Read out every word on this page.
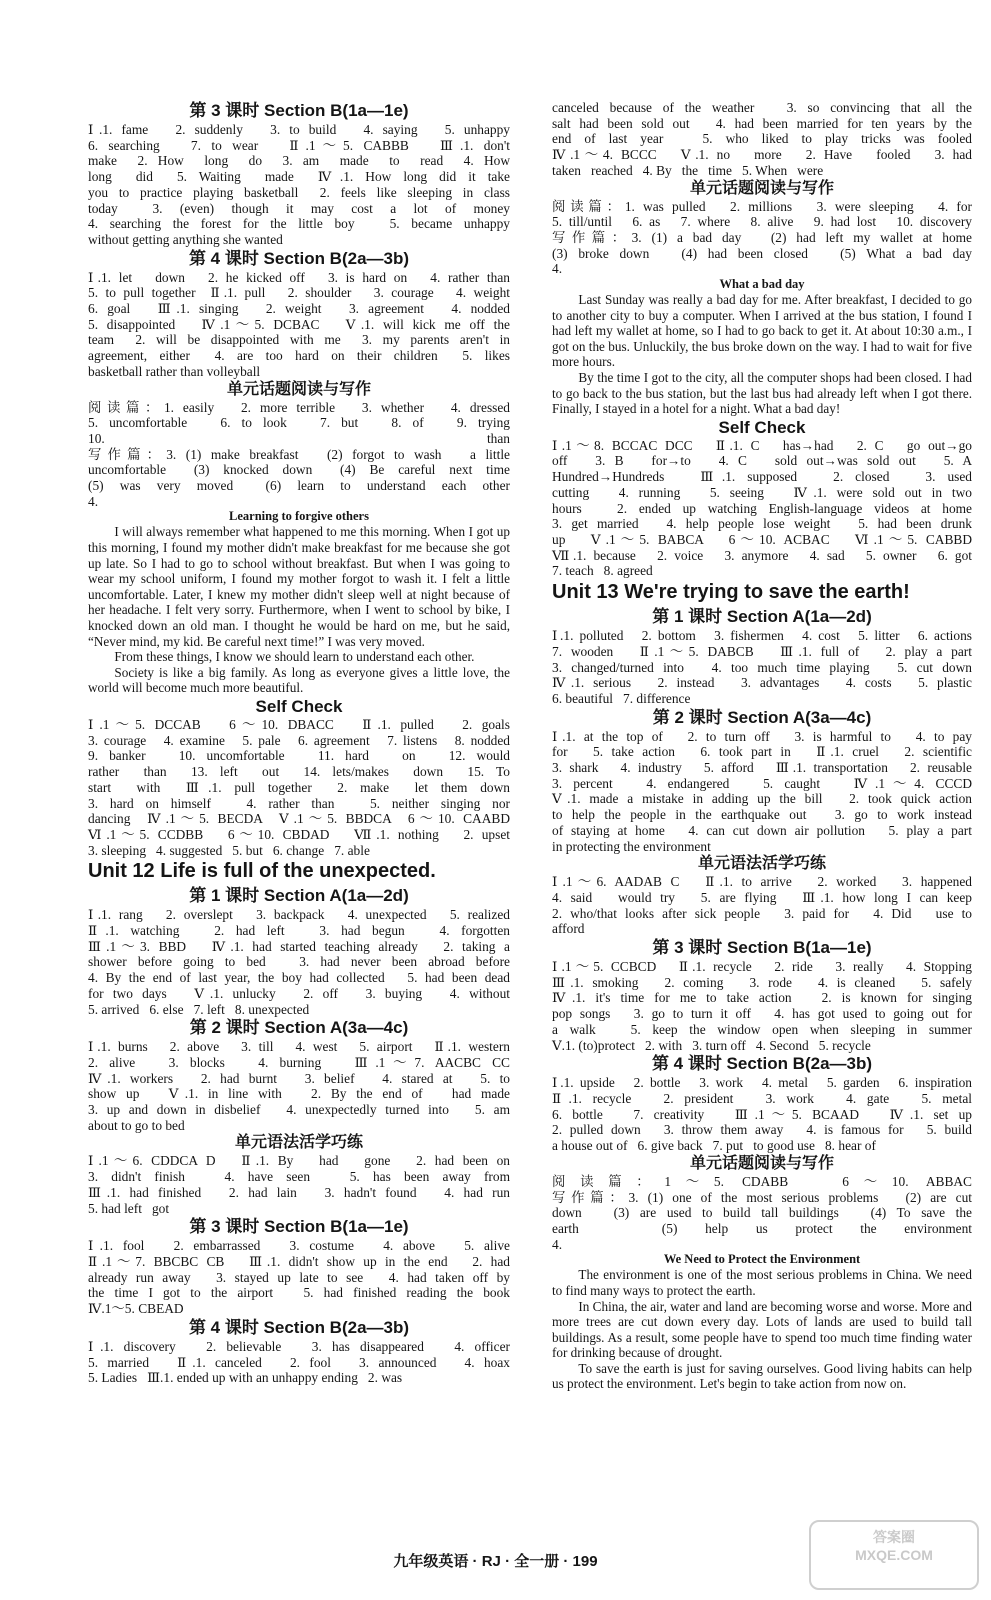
第 3 课时 Section B(1a—1e)
Ⅰ.1. fame   2. suddenly   3. to build   4. saying   5. unhappy
6. searching   7. to wear   Ⅱ.1～5. CABBB   Ⅲ.1. don't
make  2. How  long  do  3. am  made  to  read  4. How
long  did  5. Waiting  made  Ⅳ.1. How long did it take
you to practice playing basketball  2. feels like sleeping in class
today  3. (even) though it may cost a lot of money
4. searching the forest for the little boy   5. became unhappy
without getting anything she wanted
第 4 课时 Section B(2a—3b)
Ⅰ.1. let   down   2. he kicked off   3. is hard on   4. rather than
5. to pull together  Ⅱ.1. pull   2. shoulder   3. courage   4. weight
6. goal   Ⅲ.1. singing   2. weight   3. agreement   4. nodded
5. disappointed   Ⅳ.1～5. DCBAC   Ⅴ.1. will kick me off the
team  2. will be disappointed with me  3. my parents aren't in
agreement, either  4. are too hard on their children  5. likes
basketball rather than volleyball
单元话题阅读与写作
阅读篇：1. easily   2. more terrible   3. whether   4. dressed
5. uncomfortable   6. to look   7. but   8. of   9. trying
10. than
写作篇：3. (1) make breakfast   (2) forgot to wash   a little
uncomfortable  (3) knocked down  (4) Be careful next time
(5) was very moved  (6) learn to understand each other
4.
Learning to forgive others
I will always remember what happened to me this morning. When I got up this morning, I found my mother didn't make breakfast for me because she got up late. So I had to go to school without breakfast. But when I was going to wear my school uniform, I found my mother forgot to wash it. I felt a little uncomfortable. Later, I knew my mother didn't sleep well at night because of her headache. I felt very sorry. Furthermore, when I went to school by bike, I knocked down an old man. I thought he would be hard on me, but he said, “Never mind, my kid. Be careful next time!” I was very moved.
From these things, I know we should learn to understand each other.
Society is like a big family. As long as everyone gives a little love, the world will become much more beautiful.
Self Check
Ⅰ.1～5. DCCAB   6～10. DBACC   Ⅱ.1. pulled   2. goals
3. courage   4. examine   5. pale   6. agreement   7. listens   8. nodded
9. banker   10. uncomfortable   11. hard   on   12. would
rather  than  13. left  out  14. lets/makes  down  15. To
start  with  Ⅲ.1. pull together  2. make  let them down
3. hard on himself   4. rather than   5. neither singing nor
dancing  Ⅳ.1～5. BECDA  Ⅴ.1～5. BBDCA  6～10. CAABD
Ⅵ.1～5. CCDBB   6～10. CBDAD   Ⅶ.1. nothing   2. upset
3. sleeping   4. suggested   5. but   6. change   7. able
Unit 12 Life is full of the unexpected.
第 1 课时 Section A(1a—2d)
Ⅰ.1. rang   2. overslept   3. backpack   4. unexpected   5. realized
Ⅱ.1. watching   2. had left   3. had begun   4. forgotten
Ⅲ.1～3. BBD   Ⅳ.1. had started teaching already   2. taking a
shower before going to bed   3. had never been abroad before
4. By the end of last year, the boy had collected   5. had been dead
for two days   Ⅴ.1. unlucky   2. off   3. buying   4. without
5. arrived   6. else   7. left   8. unexpected
第 2 课时 Section A(3a—4c)
Ⅰ.1. burns   2. above   3. till   4. west   5. airport   Ⅱ.1. western
2. alive   3. blocks   4. burning   Ⅲ.1～7. AACBC CC
Ⅳ.1. workers   2. had burnt   3. belief   4. stared at   5. to
show up   Ⅴ.1. in line with   2. By the end of   had made
3. up and down in disbelief   4. unexpectedly turned into   5. am
about to go to bed
单元语法活学巧练
Ⅰ.1～6. CDDCA D   Ⅱ.1. By   had   gone   2. had been on
3. didn't finish   4. have seen   5. has been away from
Ⅲ.1. had finished   2. had lain   3. hadn't found   4. had run
5. had left   got
第 3 课时 Section B(1a—1e)
Ⅰ.1. fool   2. embarrassed   3. costume   4. above   5. alive
Ⅱ.1～7. BBCBC CB   Ⅲ.1. didn't show up in the end   2. had
already run away   3. stayed up late to see   4. had taken off by
the time I got to the airport   5. had finished reading the book
Ⅳ.1～5. CBEAD
第 4 课时 Section B(2a—3b)
Ⅰ.1. discovery   2. believable   3. has disappeared   4. officer
5. married   Ⅱ.1. canceled   2. fool   3. announced   4. hoax
5. Ladies   Ⅲ.1. ended up with an unhappy ending   2. was
canceled because of the weather   3. so convincing that all the
salt had been sold out   4. had been married for ten years by the
end of last year   5. who liked to play tricks was fooled
Ⅳ.1～4. BCCC   Ⅴ.1. no   more   2. Have   fooled   3. had
taken   reached   4. By   the   time   5. When   were
单元话题阅读与写作
阅读篇：1. was pulled   2. millions   3. were sleeping   4. for
5. till/until   6. as   7. where   8. alive   9. had lost   10. discovery
写作篇：3. (1) a bad day   (2) had left my wallet at home
(3) broke down   (4) had been closed   (5) What a bad day
4.
What a bad day
Last Sunday was really a bad day for me. After breakfast, I decided to go to another city to buy a computer. When I arrived at the bus station, I found I had left my wallet at home, so I had to go back to get it. At about 10:30 a.m., I got on the bus. Unluckily, the bus broke down on the way. I had to wait for five more hours.
By the time I got to the city, all the computer shops had been closed. I had to go back to the bus station, but the last bus had already left when I got there. Finally, I stayed in a hotel for a night. What a bad day!
Self Check
Ⅰ.1～8. BCCAC DCC   Ⅱ.1. C   has→had   2. C   go out→go
off   3. B   for→to   4. C   sold out→was sold out   5. A
Hundred→Hundreds   Ⅲ.1. supposed   2. closed   3. used
cutting   4. running   5. seeing   Ⅳ.1. were sold out in two
hours   2. ended up watching English-language videos at home
3. get married   4. help people lose weight   5. had been drunk
up   Ⅴ.1～5. BABCA   6～10. ACBAC   Ⅵ.1～5. CABBD
Ⅶ.1. because   2. voice   3. anymore   4. sad   5. owner   6. got
7. teach   8. agreed
Unit 13 We're trying to save the earth!
第 1 课时 Section A(1a—2d)
Ⅰ.1. polluted   2. bottom   3. fishermen   4. cost   5. litter   6. actions
7. wooden   Ⅱ.1～5. DABCB   Ⅲ.1. full of   2. play a part
3. changed/turned into   4. too much time playing   5. cut down
Ⅳ.1. serious   2. instead   3. advantages   4. costs   5. plastic
6. beautiful   7. difference
第 2 课时 Section A(3a—4c)
Ⅰ.1. at the top of   2. to turn off   3. is harmful to   4. to pay
for   5. take action   6. took part in   Ⅱ.1. cruel   2. scientific
3. shark   4. industry   5. afford   Ⅲ.1. transportation   2. reusable
3. percent   4. endangered   5. caught   Ⅳ.1～4. CCCD
Ⅴ.1. made a mistake in adding up the bill   2. took quick action
to help the people in the earthquake out   3. go to work instead
of staying at home   4. can cut down air pollution   5. play a part
in protecting the environment
单元语法活学巧练
Ⅰ.1～6. AADAB C   Ⅱ.1. to arrive   2. worked   3. happened
4. said   would try   5. are flying   Ⅲ.1. how long I can keep
2. who/that looks after sick people   3. paid for   4. Did   use to
afford
第 3 课时 Section B(1a—1e)
Ⅰ.1～5. CCBCD   Ⅱ.1. recycle   2. ride   3. really   4. Stopping
Ⅲ.1. smoking   2. coming   3. rode   4. is cleaned   5. safely
Ⅳ.1. it's time for me to take action   2. is known for singing
pop songs   3. go to turn it off   4. has got used to going out for
a walk   5. keep the window open when sleeping in summer
Ⅴ.1. (to)protect   2. with   3. turn off   4. Second   5. recycle
第 4 课时 Section B(2a—3b)
Ⅰ.1. upside   2. bottle   3. work   4. metal   5. garden   6. inspiration
Ⅱ.1. recycle   2. president   3. work   4. gate   5. metal
6. bottle   7. creativity   Ⅲ.1～5. BCAAD   Ⅳ.1. set up
2. pulled down   3. throw them away   4. is famous for   5. build
a house out of   6. give back   7. put   to good use   8. hear of
单元话题阅读与写作
阅读篇：1～5. CDABB   6～10. ABBAC
写作篇：3. (1) one of the most serious problems   (2) are cut
down   (3) are used to build tall buildings   (4) To save the
earth   (5) help us protect the environment
4.
We Need to Protect the Environment
The environment is one of the most serious problems in China. We need to find many ways to protect the earth.
In China, the air, water and land are becoming worse and worse. More and more trees are cut down every day. Lots of lands are used to build tall buildings. As a result, some people have to spend too much time finding water for drinking because of drought.
To save the earth is just for saving ourselves. Good living habits can help us protect the environment. Let's begin to take action from now on.
九年级英语 · RJ · 全一册 · 199
答案圈
MXQE.COM
